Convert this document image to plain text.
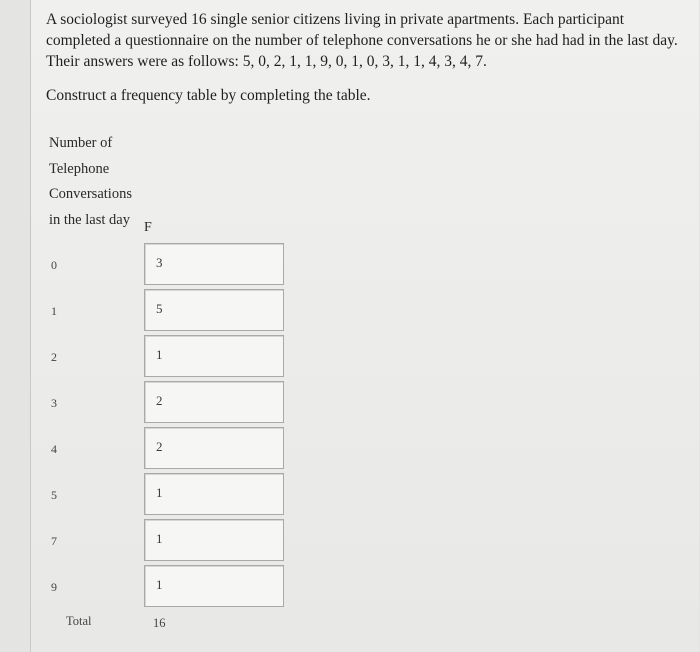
A sociologist surveyed 16 single senior citizens living in private apartments. Each participant completed a questionnaire on the number of telephone conversations he or she had had in the last day. Their answers were as follows: 5, 0, 2, 1, 1, 9, 0, 1, 0, 3, 1, 1, 4, 3, 4, 7.
Construct a frequency table by completing the table.
Number of
Telephone
Conversations
in the last day F
0	3
1	5
2	1
3	2
4	2
5	1
7	1
9	1
Total	16
